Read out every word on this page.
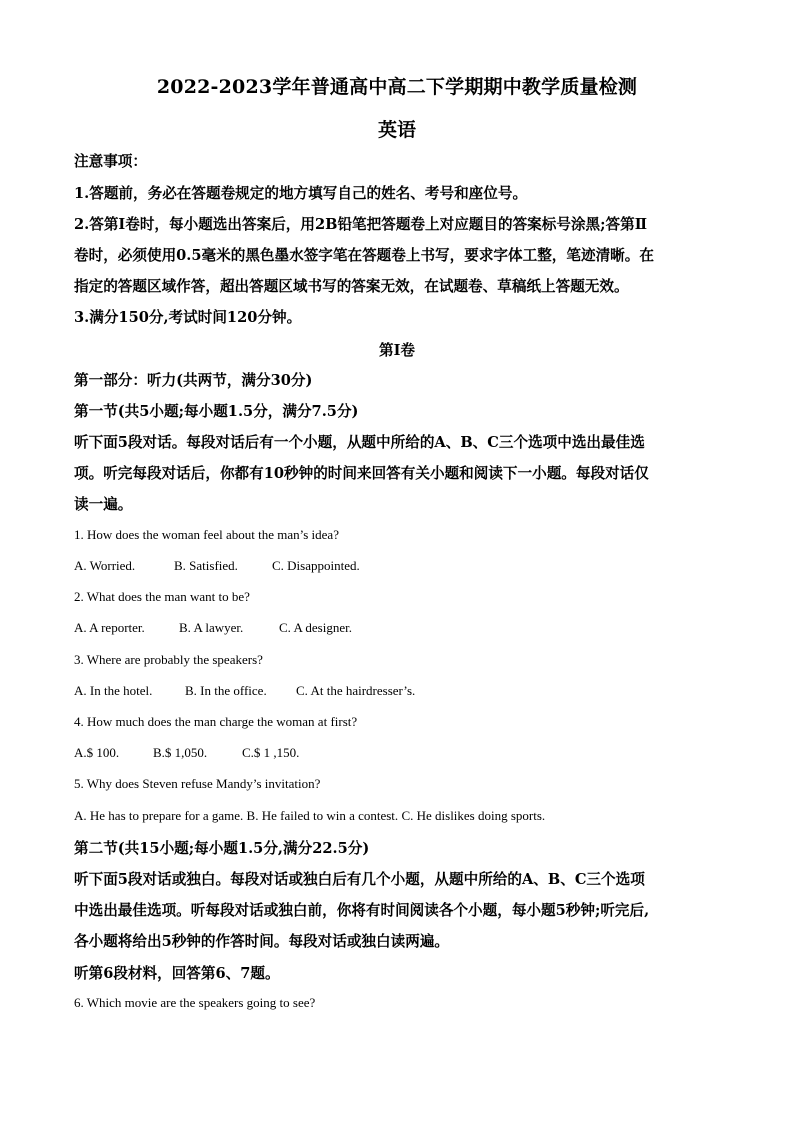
2022-2023学年普通高中高二下学期期中教学质量检测
英语
注意事项：
1.答题前，务必在答题卷规定的地方填写自己的姓名、考号和座位号。
2.答第Ⅰ卷时，每小题选出答案后，用2B铅笔把答题卷上对应题目的答案标号涂黑;答第Ⅱ
卷时，必须使用0.5毫米的黑色墨水签字笔在答题卷上书写，要求字体工整，笔迹清晰。在
指定的答题区域作答，超出答题区域书写的答案无效，在试题卷、草稿纸上答题无效。
3.满分150分,考试时间120分钟。
第Ⅰ卷
第一部分：听力(共两节，满分30分)
第一节(共5小题;每小题1.5分，满分7.5分)
听下面5段对话。每段对话后有一个小题，从题中所给的A、B、C三个选项中选出最佳选
项。听完每段对话后，你都有10秒钟的时间来回答有关小题和阅读下一小题。每段对话仅
读一遍。
1. How does the woman feel about the man’s idea?
A. Worried.	B. Satisfied.	C. Disappointed.
2. What does the man want to be?
A. A reporter.	B. A lawyer.	C. A designer.
3. Where are probably the speakers?
A. In the hotel.	B. In the office. C. At the hairdresser’s.
4. How much does the man charge the woman at first?
A.$ 100.	B.$ 1,050.	C.$ 1 ,150.
5. Why does Steven refuse Mandy’s invitation?
A. He has to prepare for a game. B. He failed to win a contest. C. He dislikes doing sports.
第二节(共15小题;每小题1.5分,满分22.5分)
听下面5段对话或独白。每段对话或独白后有几个小题，从题中所给的A、B、C三个选项
中选出最佳选项。听每段对话或独白前，你将有时间阅读各个小题，每小题5秒钟;听完后,
各小题将给出5秒钟的作答时间。每段对话或独白读两遍。
听第6段材料，回答第6、7题。
6. Which movie are the speakers going to see?
